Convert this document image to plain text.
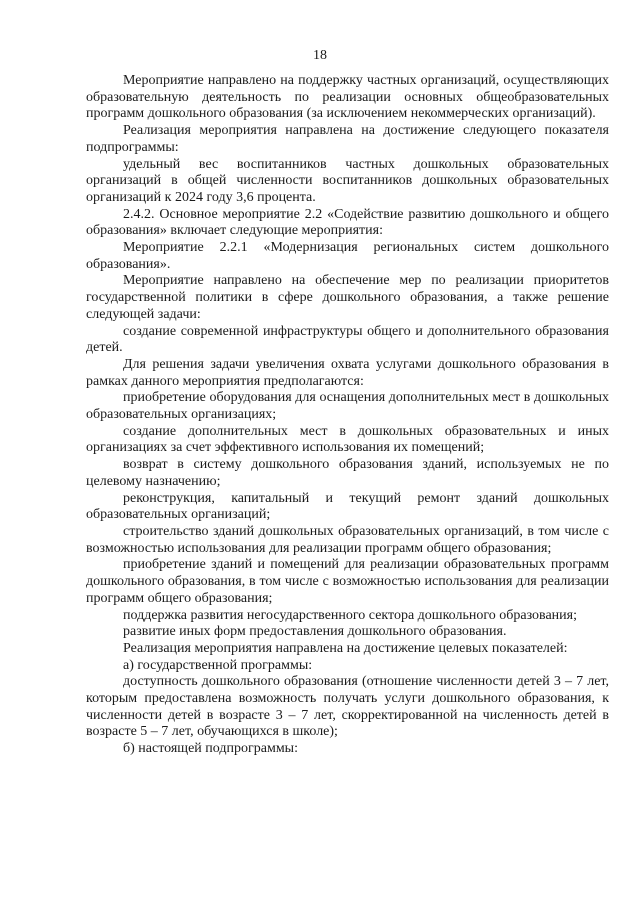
18

Мероприятие направлено на поддержку частных организаций, осуществляющих образовательную деятельность по реализации основных общеобразовательных программ дошкольного образования (за исключением некоммерческих организаций).

Реализация мероприятия направлена на достижение следующего показателя подпрограммы:

удельный вес воспитанников частных дошкольных образовательных организаций в общей численности воспитанников дошкольных образовательных организаций к 2024 году 3,6 процента.

2.4.2. Основное мероприятие 2.2 «Содействие развитию дошкольного и общего образования» включает следующие мероприятия:

Мероприятие 2.2.1 «Модернизация региональных систем дошкольного образования».

Мероприятие направлено на обеспечение мер по реализации приоритетов государственной политики в сфере дошкольного образования, а также решение следующей задачи:

создание современной инфраструктуры общего и дополнительного образования детей.

Для решения задачи увеличения охвата услугами дошкольного образования в рамках данного мероприятия предполагаются:

приобретение оборудования для оснащения дополнительных мест в дошкольных образовательных организациях;

создание дополнительных мест в дошкольных образовательных и иных организациях за счет эффективного использования их помещений;

возврат в систему дошкольного образования зданий, используемых не по целевому назначению;

реконструкция, капитальный и текущий ремонт зданий дошкольных образовательных организаций;

строительство зданий дошкольных образовательных организаций, в том числе с возможностью использования для реализации программ общего образования;

приобретение зданий и помещений для реализации образовательных программ дошкольного образования, в том числе с возможностью использования для реализации программ общего образования;

поддержка развития негосударственного сектора дошкольного образования;

развитие иных форм предоставления дошкольного образования.

Реализация мероприятия направлена на достижение целевых показателей:

а) государственной программы:

доступность дошкольного образования (отношение численности детей 3 – 7 лет, которым предоставлена возможность получать услуги дошкольного образования, к численности детей в возрасте 3 – 7 лет, скорректированной на численность детей в возрасте 5 – 7 лет, обучающихся в школе);

б) настоящей подпрограммы:
